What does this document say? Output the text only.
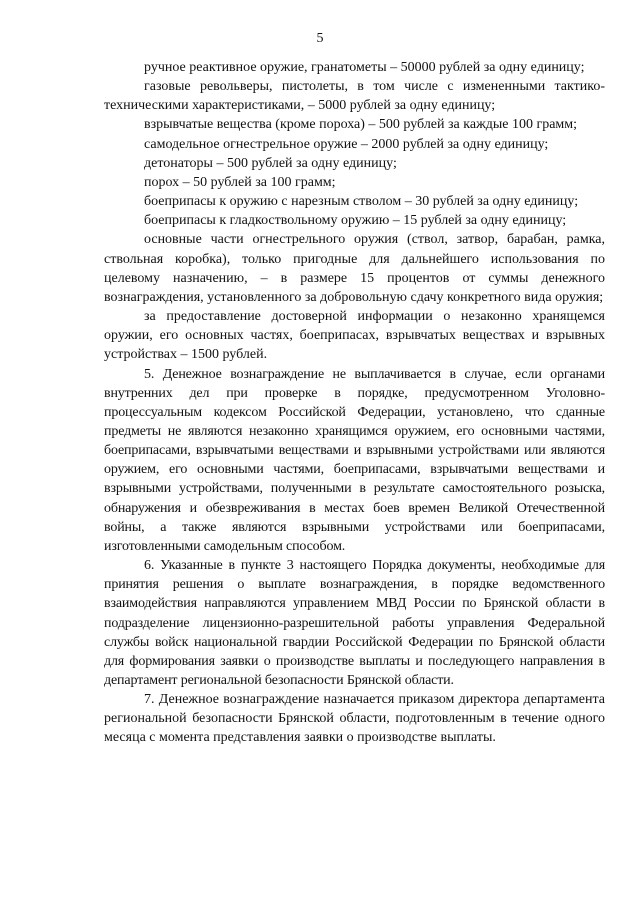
5

ручное реактивное оружие, гранатометы – 50000 рублей за одну единицу;

газовые револьверы, пистолеты, в том числе с измененными тактико-техническими характеристиками, – 5000 рублей за одну единицу;

взрывчатые вещества (кроме пороха) – 500 рублей за каждые 100 грамм;

самодельное огнестрельное оружие – 2000 рублей за одну единицу;

детонаторы – 500 рублей за одну единицу;

порох – 50 рублей за 100 грамм;

боеприпасы к оружию с нарезным стволом – 30 рублей за одну единицу;

боеприпасы к гладкоствольному оружию – 15 рублей за одну единицу;

основные части огнестрельного оружия (ствол, затвор, барабан, рамка, ствольная коробка), только пригодные для дальнейшего использования по целевому назначению, – в размере 15 процентов от суммы денежного вознаграждения, установленного за добровольную сдачу конкретного вида оружия;

за предоставление достоверной информации о незаконно хранящемся оружии, его основных частях, боеприпасах, взрывчатых веществах и взрывных устройствах – 1500 рублей.

5. Денежное вознаграждение не выплачивается в случае, если органами внутренних дел при проверке в порядке, предусмотренном Уголовно-процессуальным кодексом Российской Федерации, установлено, что сданные предметы не являются незаконно хранящимся оружием, его основными частями, боеприпасами, взрывчатыми веществами и взрывными устройствами или являются оружием, его основными частями, боеприпасами, взрывчатыми веществами и взрывными устройствами, полученными в результате самостоятельного розыска, обнаружения и обезвреживания в местах боев времен Великой Отечественной войны, а также являются взрывными устройствами или боеприпасами, изготовленными самодельным способом.

6. Указанные в пункте 3 настоящего Порядка документы, необходимые для принятия решения о выплате вознаграждения, в порядке ведомственного взаимодействия направляются управлением МВД России по Брянской области в подразделение лицензионно-разрешительной работы управления Федеральной службы войск национальной гвардии Российской Федерации по Брянской области для формирования заявки о производстве выплаты и последующего направления в департамент региональной безопасности Брянской области.

7. Денежное вознаграждение назначается приказом директора департамента региональной безопасности Брянской области, подготовленным в течение одного месяца с момента представления заявки о производстве выплаты.
